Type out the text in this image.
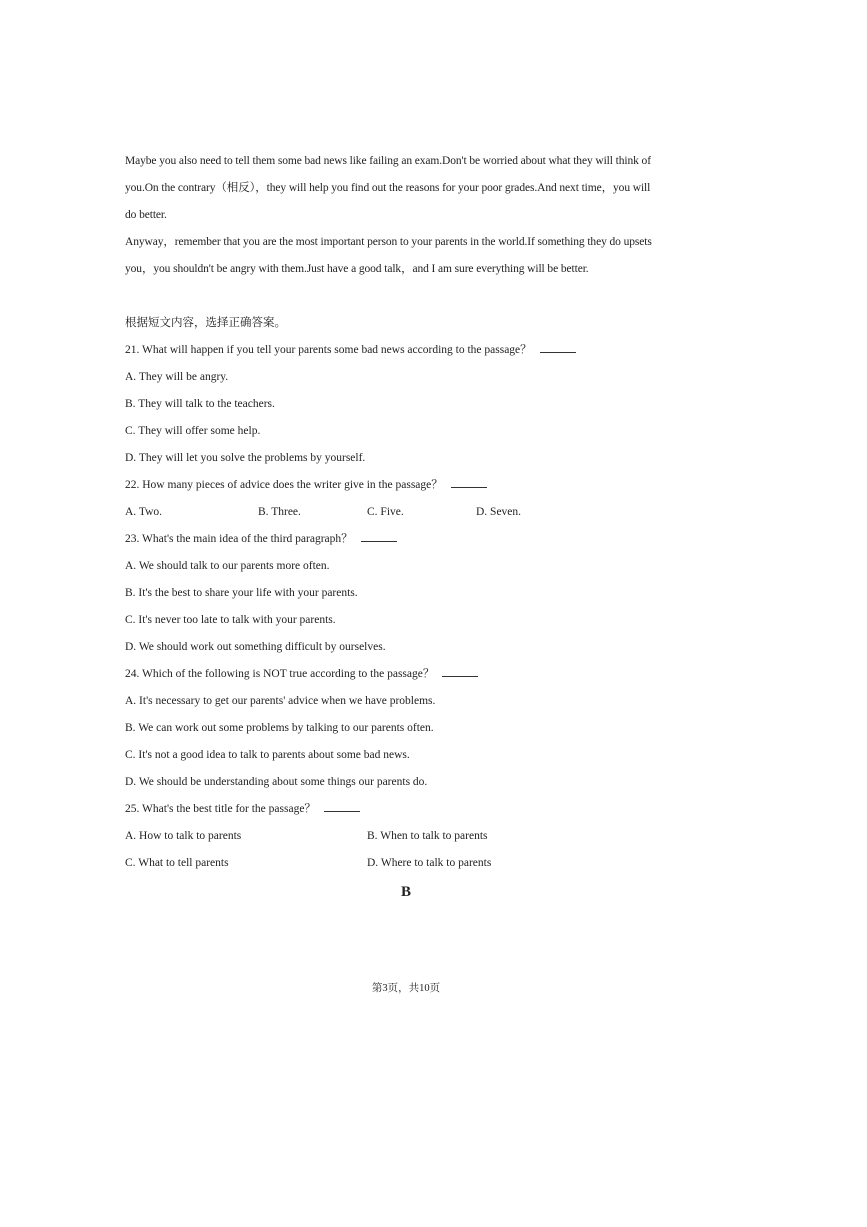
Maybe you also need to tell them some bad news like failing an exam.Don't be worried about what they will think of

you.On the contrary（相反），they will help you find out the reasons for your poor grades.And next time，you will

do better.

Anyway，remember that you are the most important person to your parents in the world.If something they do upsets

you，you shouldn't be angry with them.Just have a good talk，and I am sure everything will be better.

根据短文内容，选择正确答案。
21. What will happen if you tell your parents some bad news according to the passage？
A. They will be angry.
B. They will talk to the teachers.
C. They will offer some help.
D. They will let you solve the problems by yourself.
22. How many pieces of advice does the writer give in the passage？
A. Two.	B. Three.	C. Five.	D. Seven.
23. What's the main idea of the third paragraph？
A. We should talk to our parents more often.
B. It's the best to share your life with your parents.
C. It's never too late to talk with your parents.
D. We should work out something difficult by ourselves.
24. Which of the following is NOT true according to the passage？
A. It's necessary to get our parents' advice when we have problems.
B. We can work out some problems by talking to our parents often.
C. It's not a good idea to talk to parents about some bad news.
D. We should be understanding about some things our parents do.
25. What's the best title for the passage？
A. How to talk to parents	B. When to talk to parents
C. What to tell parents	D. Where to talk to parents
B
第3页，共10页
